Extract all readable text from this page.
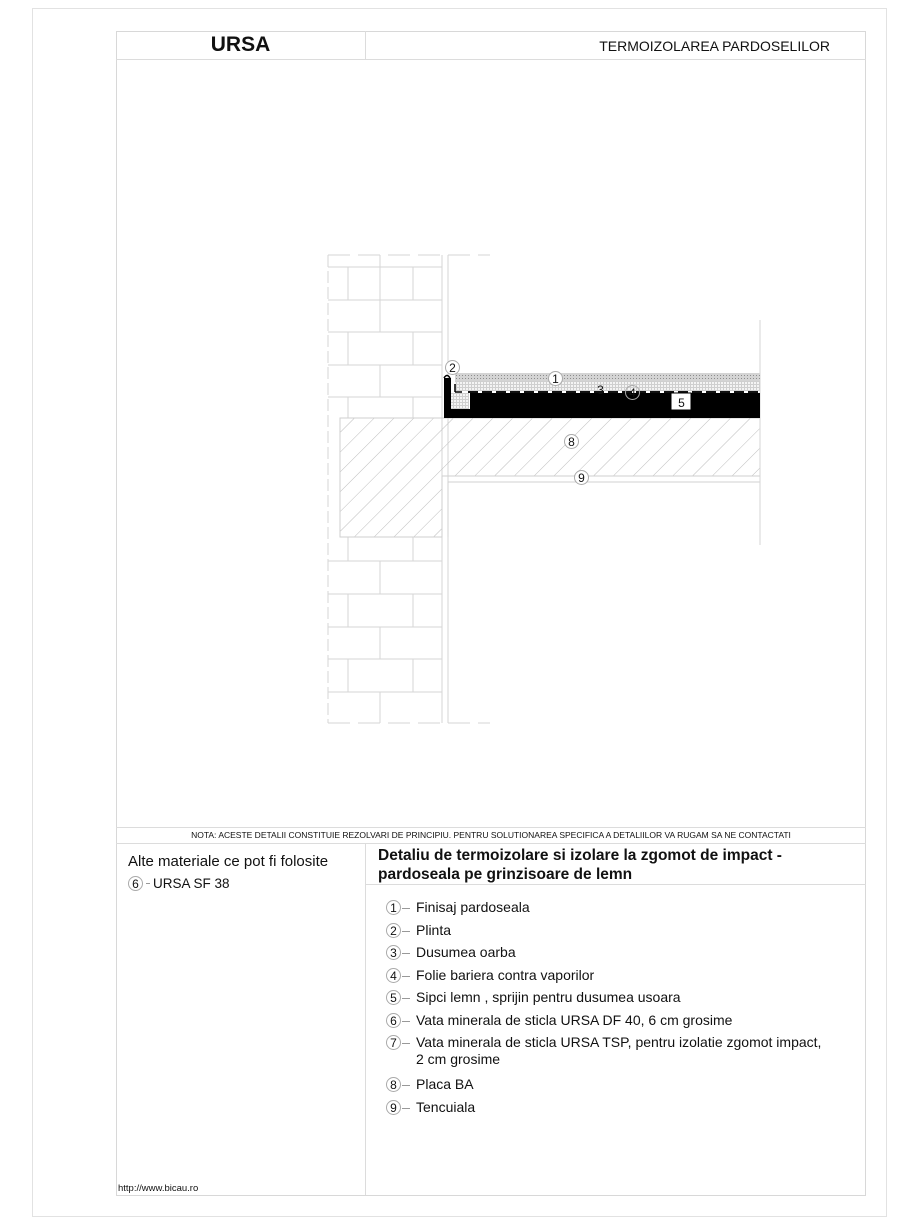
URSA	TERMOIZOLAREA PARDOSELILOR
1
2
3	4
5
8
9
NOTA: ACESTE DETALII CONSTITUIE REZOLVARI DE PRINCIPIU. PENTRU SOLUTIONAREA SPECIFICA A DETALIILOR VA RUGAM SA NE CONTACTATI
Alte materiale ce pot fi folosite
6	URSA SF 38
Detaliu de termoizolare si izolare la zgomot de impact -
pardoseala pe grinzisoare de lemn
1 Finisaj pardoseala
2 Plinta
3 Dusumea oarba
4 Folie bariera contra vaporilor
5 Sipci lemn , sprijin pentru dusumea usoara
6 Vata minerala de sticla URSA DF 40, 6 cm grosime
7 Vata minerala de sticla URSA TSP, pentru izolatie zgomot impact,
2 cm grosime
8 Placa BA
9 Tencuiala
http://www.bicau.ro
